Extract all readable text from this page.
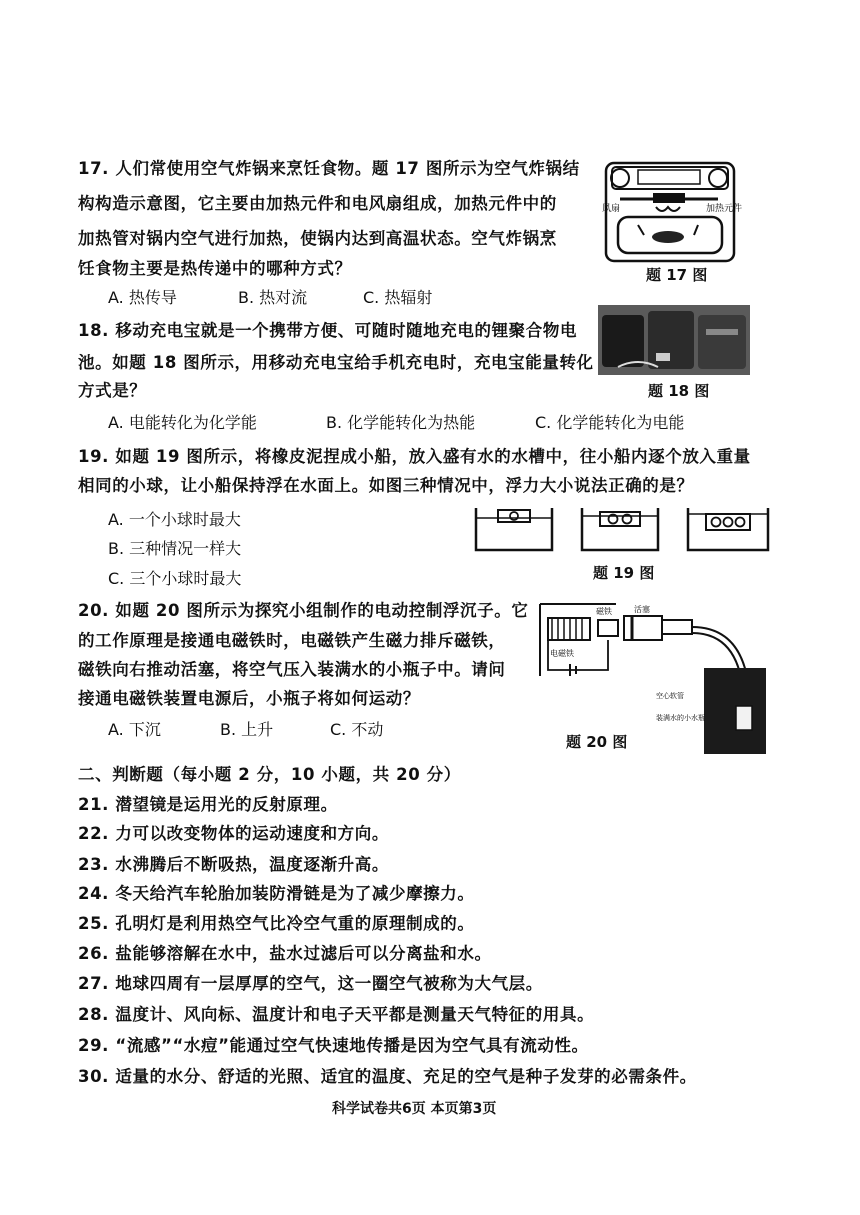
17. 人们常使用空气炸锅来烹饪食物。题 17 图所示为空气炸锅结
构构造示意图，它主要由加热元件和电风扇组成，加热元件中的
加热管对锅内空气进行加热，使锅内达到高温状态。空气炸锅烹
饪食物主要是热传递中的哪种方式？
A. 热传导	B. 热对流	C. 热辐射
风扇	加热元件
题 17 图
18. 移动充电宝就是一个携带方便、可随时随地充电的锂聚合物电
池。如题 18 图所示，用移动充电宝给手机充电时，充电宝能量转化
方式是？
A. 电能转化为化学能	B. 化学能转化为热能	C. 化学能转化为电能
题 18 图
19. 如题 19 图所示，将橡皮泥捏成小船，放入盛有水的水槽中，往小船内逐个放入重量
相同的小球，让小船保持浮在水面上。如图三种情况中，浮力大小说法正确的是？
A. 一个小球时最大
B. 三种情况一样大
C. 三个小球时最大	题 19 图
20. 如题 20 图所示为探究小组制作的电动控制浮沉子。它
的工作原理是接通电磁铁时，电磁铁产生磁力排斥磁铁，
磁铁向右推动活塞，将空气压入装满水的小瓶子中。请问
接通电磁铁装置电源后，小瓶子将如何运动？
A. 下沉	B. 上升	C. 不动
磁铁	活塞
电磁铁
空心软管
装满水的小水瓶
题 20 图
二、判断题（每小题 2 分，10 小题，共 20 分）
21. 潜望镜是运用光的反射原理。
22. 力可以改变物体的运动速度和方向。
23. 水沸腾后不断吸热，温度逐渐升高。
24. 冬天给汽车轮胎加装防滑链是为了减少摩擦力。
25. 孔明灯是利用热空气比冷空气重的原理制成的。
26. 盐能够溶解在水中，盐水过滤后可以分离盐和水。
27. 地球四周有一层厚厚的空气，这一圈空气被称为大气层。
28. 温度计、风向标、温度计和电子天平都是测量天气特征的用具。
29. “流感”“水痘”能通过空气快速地传播是因为空气具有流动性。
30. 适量的水分、舒适的光照、适宜的温度、充足的空气是种子发芽的必需条件。
科学试卷共6页 本页第3页
